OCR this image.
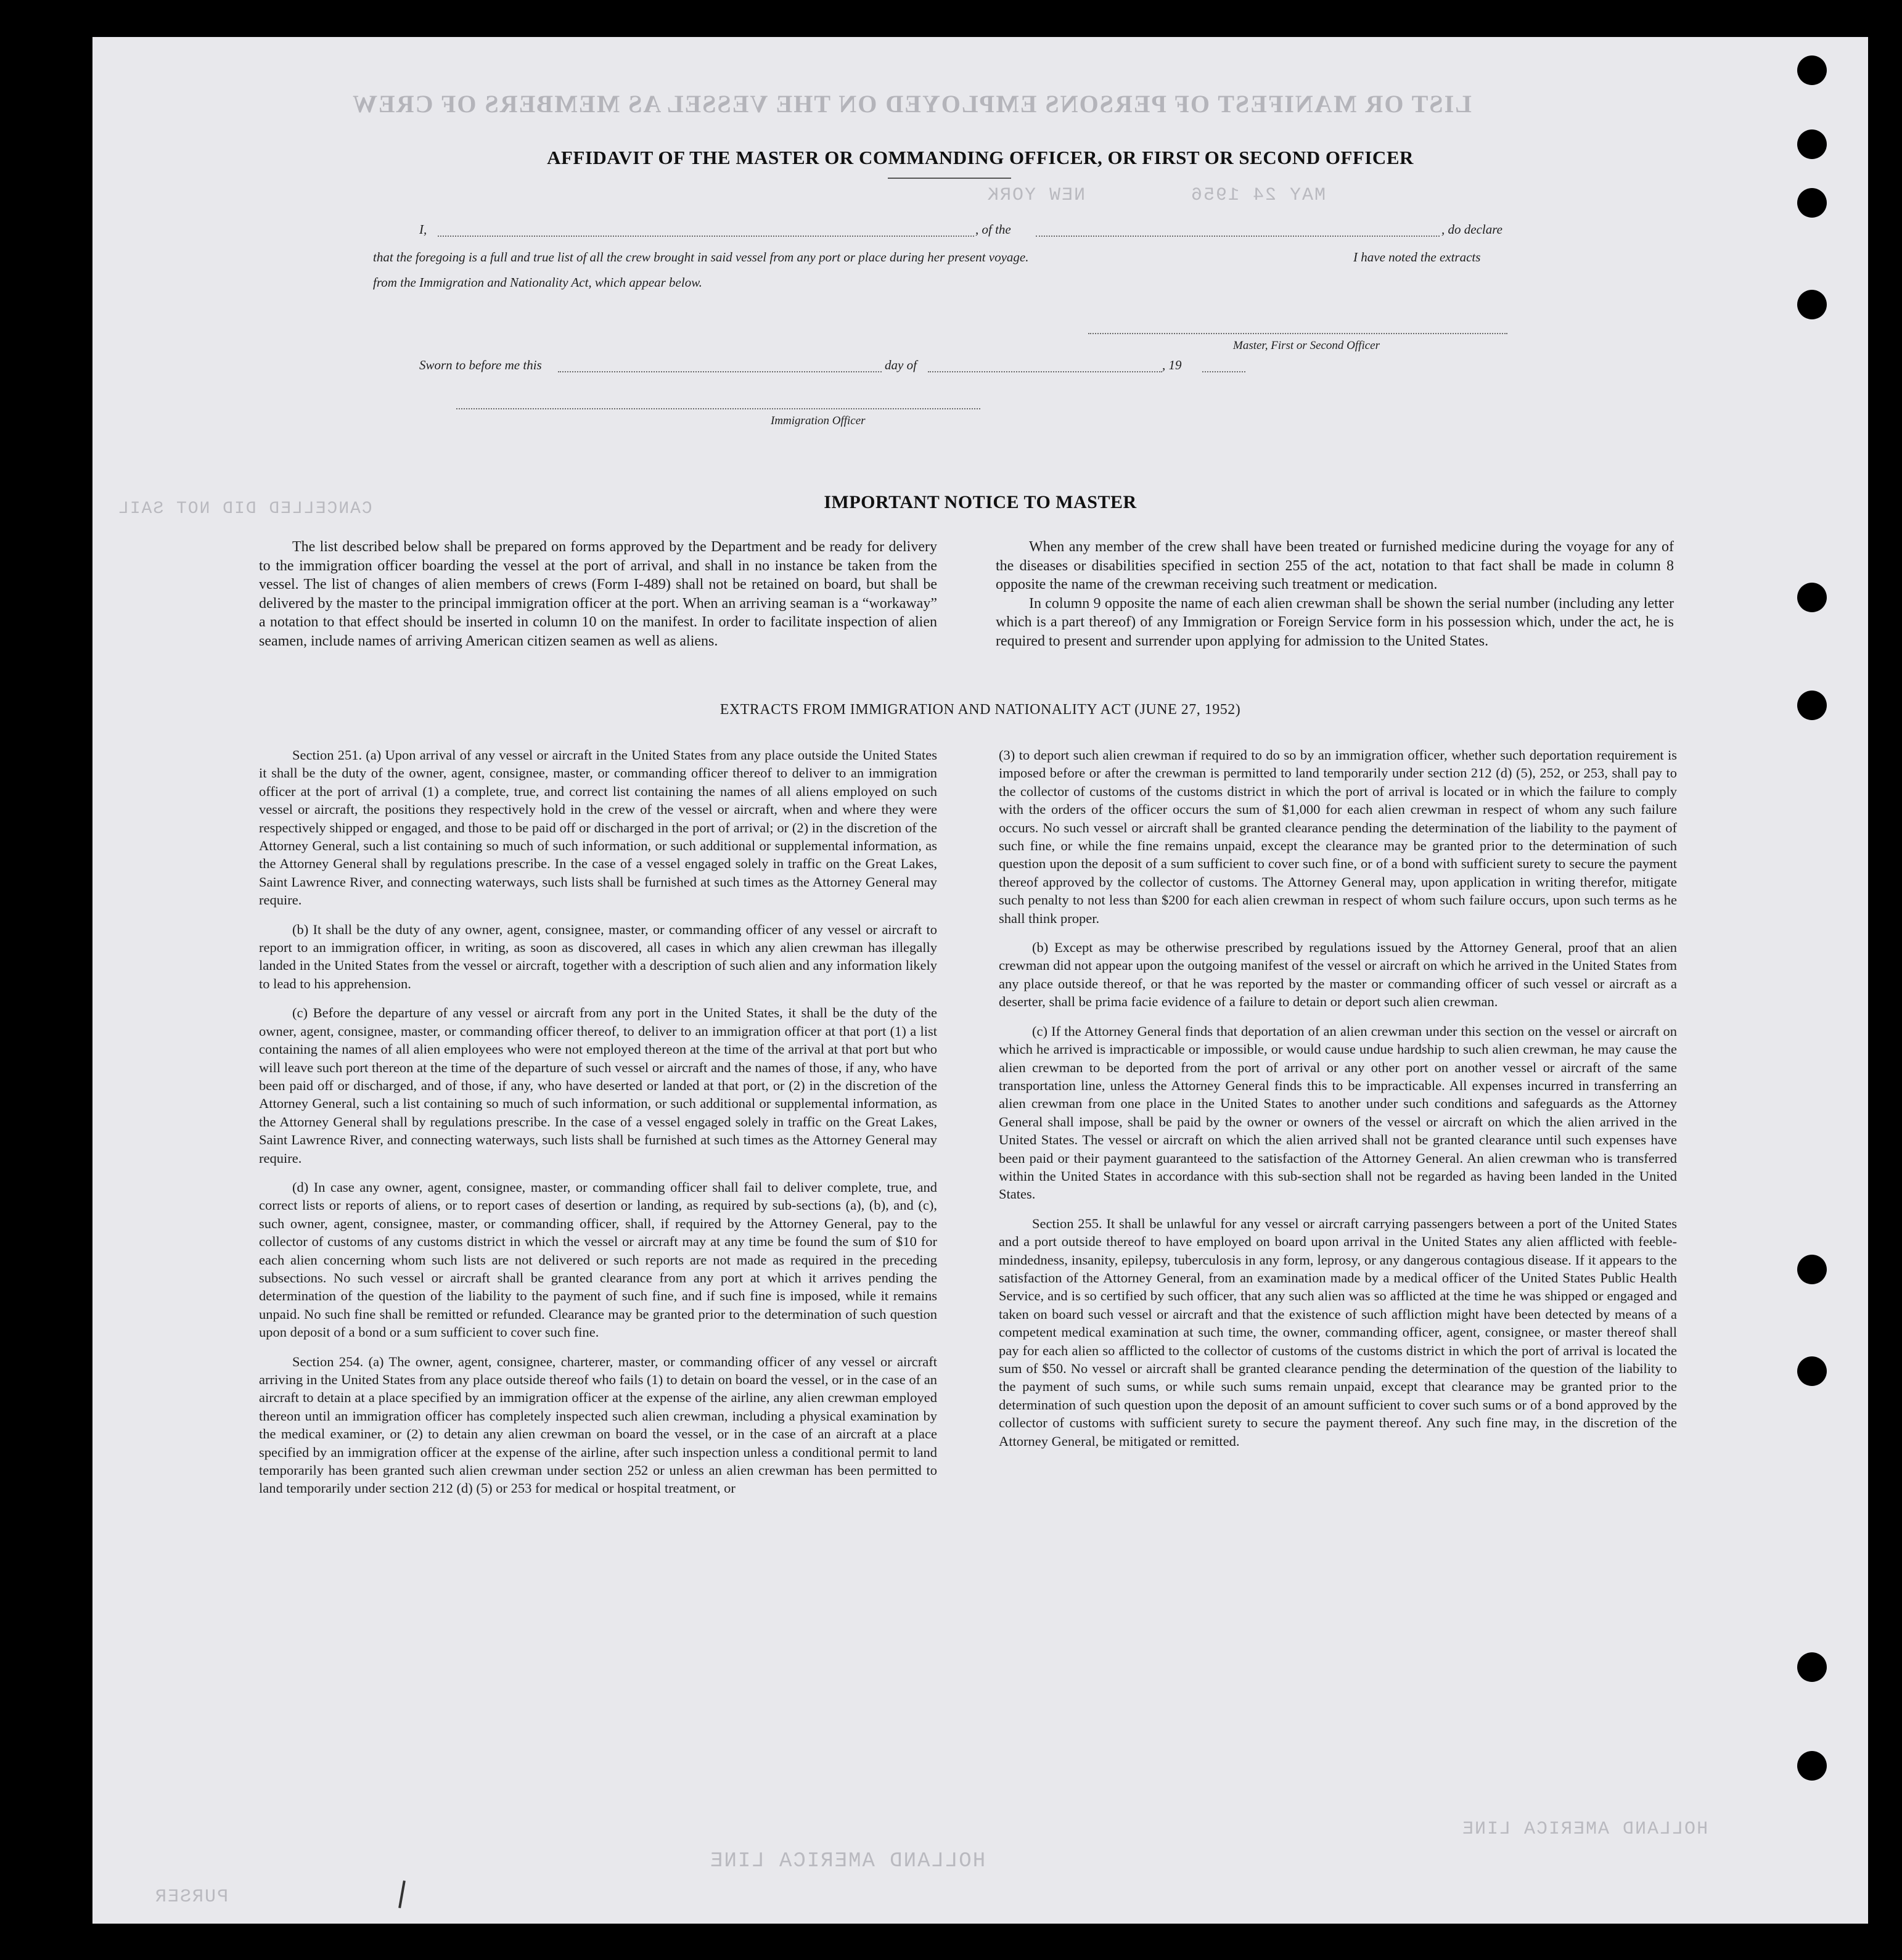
LIST OR MANIFEST OF PERSONS EMPLOYED ON THE VESSEL AS MEMBERS OF CREW
NEW YORK	MAY 24 1956
HOLLAND AMERICA LINE
HOLLAND AMERICA LINE
CANCELLED DID NOT SAIL
PURSER
AFFIDAVIT OF THE MASTER OR COMMANDING OFFICER, OR FIRST OR SECOND OFFICER
I,	, of the	, do declare
that the foregoing is a full and true list of all the crew brought in said vessel from any port or place during her present voyage.	I have noted the extracts
from the Immigration and Nationality Act, which appear below.
Master, First or Second Officer
Sworn to before me this	day of	, 19
Immigration Officer
IMPORTANT NOTICE TO MASTER

The list described below shall be prepared on forms approved by the Department and be ready for delivery to the immigration officer boarding the vessel at the port of arrival, and shall in no instance be taken from the vessel. The list of changes of alien members of crews (Form I-489) shall not be retained on board, but shall be delivered by the master to the principal immigration officer at the port. When an arriving seaman is a “workaway” a notation to that effect should be inserted in column 10 on the manifest. In order to facilitate inspection of alien seamen, include names of arriving American citizen seamen as well as aliens.

When any member of the crew shall have been treated or furnished medicine during the voyage for any of the diseases or disabilities specified in section 255 of the act, notation to that fact shall be made in column 8 opposite the name of the crewman receiving such treatment or medication.

In column 9 opposite the name of each alien crewman shall be shown the serial number (including any letter which is a part thereof) of any Immigration or Foreign Service form in his possession which, under the act, he is required to present and surrender upon applying for admission to the United States.

EXTRACTS FROM IMMIGRATION AND NATIONALITY ACT (JUNE 27, 1952)

Section 251. (a) Upon arrival of any vessel or aircraft in the United States from any place outside the United States it shall be the duty of the owner, agent, consignee, master, or commanding officer thereof to deliver to an immigration officer at the port of arrival (1) a complete, true, and correct list containing the names of all aliens employed on such vessel or aircraft, the positions they respectively hold in the crew of the vessel or aircraft, when and where they were respectively shipped or engaged, and those to be paid off or discharged in the port of arrival; or (2) in the discretion of the Attorney General, such a list containing so much of such information, or such additional or supplemental information, as the Attorney General shall by regulations prescribe. In the case of a vessel engaged solely in traffic on the Great Lakes, Saint Lawrence River, and connecting waterways, such lists shall be furnished at such times as the Attorney General may require.

(b) It shall be the duty of any owner, agent, consignee, master, or commanding officer of any vessel or aircraft to report to an immigration officer, in writing, as soon as discovered, all cases in which any alien crewman has illegally landed in the United States from the vessel or aircraft, together with a description of such alien and any information likely to lead to his apprehension.

(c) Before the departure of any vessel or aircraft from any port in the United States, it shall be the duty of the owner, agent, consignee, master, or commanding officer thereof, to deliver to an immigration officer at that port (1) a list containing the names of all alien employees who were not employed thereon at the time of the arrival at that port but who will leave such port thereon at the time of the departure of such vessel or aircraft and the names of those, if any, who have been paid off or discharged, and of those, if any, who have deserted or landed at that port, or (2) in the discretion of the Attorney General, such a list containing so much of such information, or such additional or supplemental information, as the Attorney General shall by regulations prescribe. In the case of a vessel engaged solely in traffic on the Great Lakes, Saint Lawrence River, and connecting waterways, such lists shall be furnished at such times as the Attorney General may require.

(d) In case any owner, agent, consignee, master, or commanding officer shall fail to deliver complete, true, and correct lists or reports of aliens, or to report cases of desertion or landing, as required by sub-sections (a), (b), and (c), such owner, agent, consignee, master, or commanding officer, shall, if required by the Attorney General, pay to the collector of customs of any customs district in which the vessel or aircraft may at any time be found the sum of $10 for each alien concerning whom such lists are not delivered or such reports are not made as required in the preceding subsections. No such vessel or aircraft shall be granted clearance from any port at which it arrives pending the determination of the question of the liability to the payment of such fine, and if such fine is imposed, while it remains unpaid. No such fine shall be remitted or refunded. Clearance may be granted prior to the determination of such question upon deposit of a bond or a sum sufficient to cover such fine.

Section 254. (a) The owner, agent, consignee, charterer, master, or commanding officer of any vessel or aircraft arriving in the United States from any place outside thereof who fails (1) to detain on board the vessel, or in the case of an aircraft to detain at a place specified by an immigration officer at the expense of the airline, any alien crewman employed thereon until an immigration officer has completely inspected such alien crewman, including a physical examination by the medical examiner, or (2) to detain any alien crewman on board the vessel, or in the case of an aircraft at a place specified by an immigration officer at the expense of the airline, after such inspection unless a conditional permit to land temporarily has been granted such alien crewman under section 252 or unless an alien crewman has been permitted to land temporarily under section 212 (d) (5) or 253 for medical or hospital treatment, or

(3) to deport such alien crewman if required to do so by an immigration officer, whether such deportation requirement is imposed before or after the crewman is permitted to land temporarily under section 212 (d) (5), 252, or 253, shall pay to the collector of customs of the customs district in which the port of arrival is located or in which the failure to comply with the orders of the officer occurs the sum of $1,000 for each alien crewman in respect of whom any such failure occurs. No such vessel or aircraft shall be granted clearance pending the determination of the liability to the payment of such fine, or while the fine remains unpaid, except the clearance may be granted prior to the determination of such question upon the deposit of a sum sufficient to cover such fine, or of a bond with sufficient surety to secure the payment thereof approved by the collector of customs. The Attorney General may, upon application in writing therefor, mitigate such penalty to not less than $200 for each alien crewman in respect of whom such failure occurs, upon such terms as he shall think proper.

(b) Except as may be otherwise prescribed by regulations issued by the Attorney General, proof that an alien crewman did not appear upon the outgoing manifest of the vessel or aircraft on which he arrived in the United States from any place outside thereof, or that he was reported by the master or commanding officer of such vessel or aircraft as a deserter, shall be prima facie evidence of a failure to detain or deport such alien crewman.

(c) If the Attorney General finds that deportation of an alien crewman under this section on the vessel or aircraft on which he arrived is impracticable or impossible, or would cause undue hardship to such alien crewman, he may cause the alien crewman to be deported from the port of arrival or any other port on another vessel or aircraft of the same transportation line, unless the Attorney General finds this to be impracticable. All expenses incurred in transferring an alien crewman from one place in the United States to another under such conditions and safeguards as the Attorney General shall impose, shall be paid by the owner or owners of the vessel or aircraft on which the alien arrived in the United States. The vessel or aircraft on which the alien arrived shall not be granted clearance until such expenses have been paid or their payment guaranteed to the satisfaction of the Attorney General. An alien crewman who is transferred within the United States in accordance with this sub-section shall not be regarded as having been landed in the United States.

Section 255. It shall be unlawful for any vessel or aircraft carrying passengers between a port of the United States and a port outside thereof to have employed on board upon arrival in the United States any alien afflicted with feeble-mindedness, insanity, epilepsy, tuberculosis in any form, leprosy, or any dangerous contagious disease. If it appears to the satisfaction of the Attorney General, from an examination made by a medical officer of the United States Public Health Service, and is so certified by such officer, that any such alien was so afflicted at the time he was shipped or engaged and taken on board such vessel or aircraft and that the existence of such affliction might have been detected by means of a competent medical examination at such time, the owner, commanding officer, agent, consignee, or master thereof shall pay for each alien so afflicted to the collector of customs of the customs district in which the port of arrival is located the sum of $50. No vessel or aircraft shall be granted clearance pending the determination of the question of the liability to the payment of such sums, or while such sums remain unpaid, except that clearance may be granted prior to the determination of such question upon the deposit of an amount sufficient to cover such sums or of a bond approved by the collector of customs with sufficient surety to secure the payment thereof. Any such fine may, in the discretion of the Attorney General, be mitigated or remitted.
